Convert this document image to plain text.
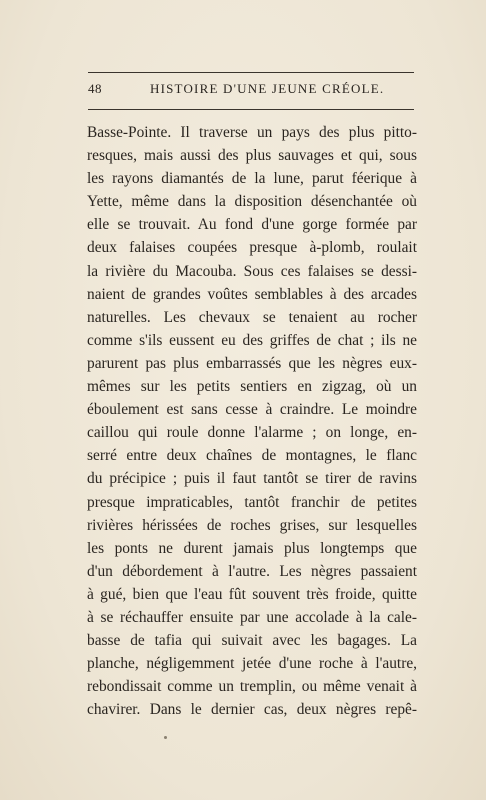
48	HISTOIRE D'UNE JEUNE CRÉOLE.
Basse-Pointe. Il traverse un pays des plus pitto-
resques, mais aussi des plus sauvages et qui, sous
les rayons diamantés de la lune, parut féerique à
Yette, même dans la disposition désenchantée où
elle se trouvait. Au fond d'une gorge formée par
deux falaises coupées presque à-plomb, roulait
la rivière du Macouba. Sous ces falaises se dessi-
naient de grandes voûtes semblables à des arcades
naturelles. Les chevaux se tenaient au rocher
comme s'ils eussent eu des griffes de chat ; ils ne
parurent pas plus embarrassés que les nègres eux-
mêmes sur les petits sentiers en zigzag, où un
éboulement est sans cesse à craindre. Le moindre
caillou qui roule donne l'alarme ; on longe, en-
serré entre deux chaînes de montagnes, le flanc
du précipice ; puis il faut tantôt se tirer de ravins
presque impraticables, tantôt franchir de petites
rivières hérissées de roches grises, sur lesquelles
les ponts ne durent jamais plus longtemps que
d'un débordement à l'autre. Les nègres passaient
à gué, bien que l'eau fût souvent très froide, quitte
à se réchauffer ensuite par une accolade à la cale-
basse de tafia qui suivait avec les bagages. La
planche, négligemment jetée d'une roche à l'autre,
rebondissait comme un tremplin, ou même venait à
chavirer. Dans le dernier cas, deux nègres repê-
